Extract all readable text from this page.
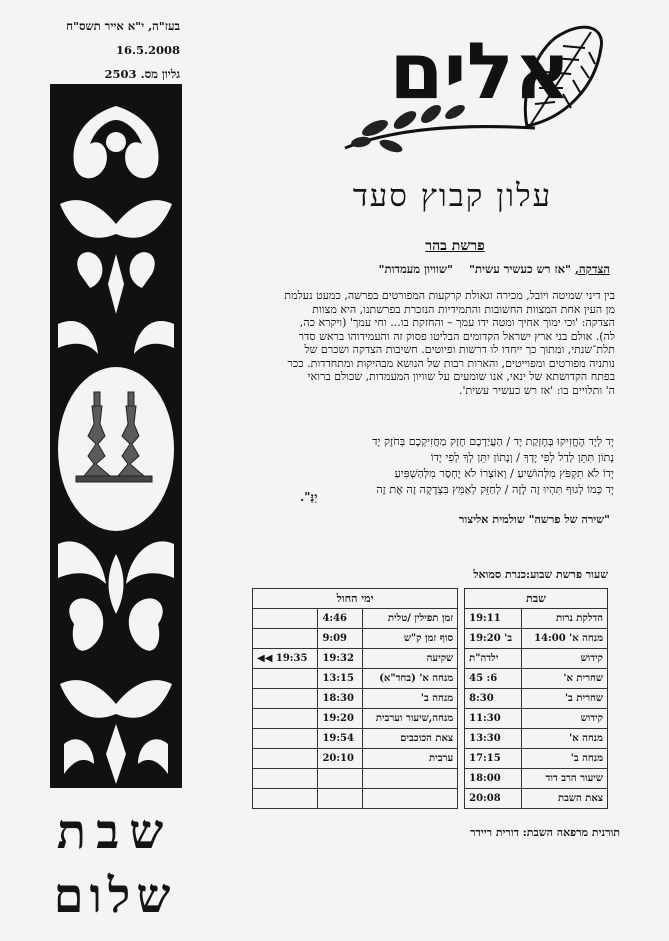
בעז"ה, י"א אייר תשס"ח
16.5.2008
גליון מס. 2503
שבת
שלום
אלים
עלון קבוץ סעד
פרשת בהר
הצדקה, "אז רש כעשיר עשית"    "שוויון מעמדות"
בין דיני שמיטה ויובל, מכירה וגאולת קרקעות המפורטים בפרשה, כמעט נעלמת
מן העין אחת המצוות החשובות והתמידיות הנזכרת בפרשתנו, היא מצוות
הצדקה: 'וכי ימוך אחיך ומטה ידו עמך – והחזקת בו... וחי עמך' (ויקרא כה,
לה). אולם בני ארץ ישראל הקדומים הבליטו פסוק זה והעמידוהו בראש סדר
תלת־שנתי, ומתוך כך ייחדו לו דרשות ופיוטים. חשיבות הצדקה ושכרם של
נותניה מפורטים ומפוייטים, והארות רבות של הנושא מבהיקות ומתחדדות. ככר
בפתח הקדושתא של ינאי, אנו שומעים על שוויון המעמדות, שכולם ברואי
ה' ותלויים בו: 'אז רש כעשיר עשית'.
יָד לְיָד הֶחֱזִיקוּ בְּחָזְקַת יָד / הַעֲיַדְכֶם חָזַק מַחֲזִיקְכֶם בְּחֹזֶק יָד
נָתוֹן תִּתֵּן לְדַל לְפִי יָדְךָ / וְנָתוֹן יִתֵּן לְךָ לְפִי יָדוֹ
יָדוֹ לֹא תִקְפֹּץ מִלְּהוֹשִׁיעַ / וְאוֹצְרוֹ לֹא יֶחְסַר מִלְּהַשְׁפִּיעַ
יָד כְּמוֹ לְגוּף תִּהְיוּ זֶה לָזֶה / לְחַזֵּק לְאַמֵּץ בִּצְדָקָה זֶה אֶת זֶה
יַנַּ".
"שירה של פרשה" שולמית אליצור
שעור פרשת שבוע:כנרת סמואל
שבת			ימי החול		
הדלקת נרות	19:11		זמן תפילין /טלית	4:46	
מנחה א' 14:00	ב' 19:20		סוף זמן ק"ש	9:09	
קידוש	ילדה"ת		שקיעה	19:32	19:35 ◀◀
שחרית א'	6: 45		מנחה א' (בחד"א)	13:15	
שחרית ב'	8:30		מנחה ב'	18:30	
קידוש	11:30		מנחה,שיעור וערבית	19:20	
מנחה א'	13:30		צאת הכוכבים	19:54	
מנחה ב'	17:15		ערבית	20:10	
שיעור הרב דוד	18:00				
צאת השבת	20:08				
תורנית מרפאה השבת: דורית ריידר
